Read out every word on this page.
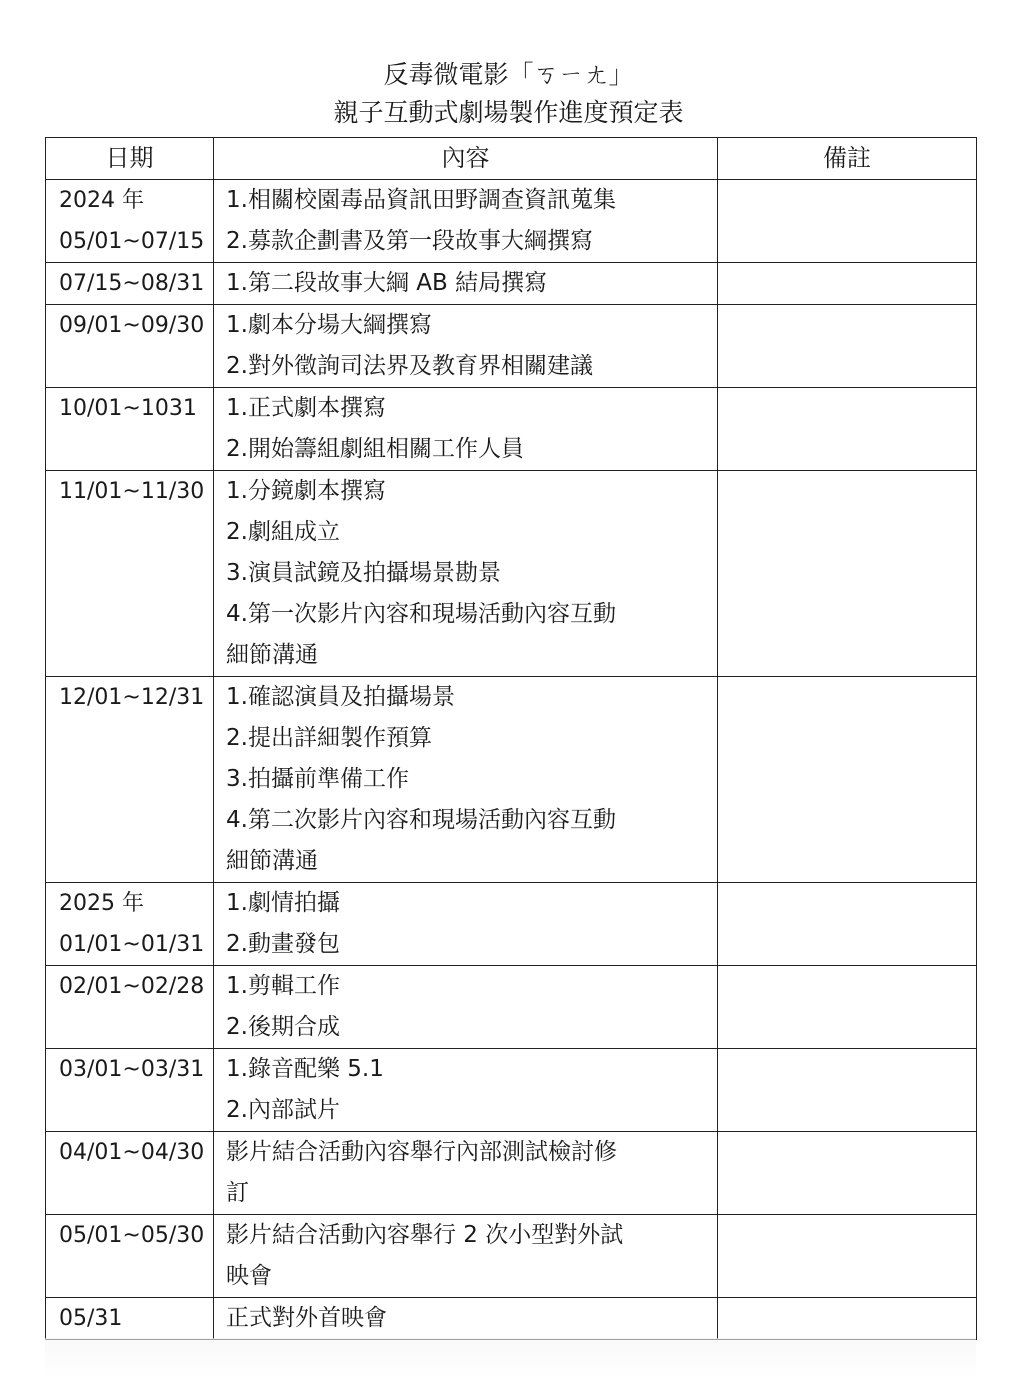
反毒微電影「ㄎㄧㄤ」
親子互動式劇場製作進度預定表
日期	內容	備註

2024 年
05/01~07/15	1.相關校園毒品資訊田野調查資訊蒐集
2.募款企劃書及第一段故事大綱撰寫	

07/15~08/31	1.第二段故事大綱 AB 結局撰寫	

09/01~09/30	1.劇本分場大綱撰寫
2.對外徵詢司法界及教育界相關建議	

10/01~1031	1.正式劇本撰寫
2.開始籌組劇組相關工作人員	

11/01~11/30	1.分鏡劇本撰寫
2.劇組成立
3.演員試鏡及拍攝場景勘景
4.第一次影片內容和現場活動內容互動
細節溝通	

12/01~12/31	1.確認演員及拍攝場景
2.提出詳細製作預算
3.拍攝前準備工作
4.第二次影片內容和現場活動內容互動
細節溝通	

2025 年
01/01~01/31	1.劇情拍攝
2.動畫發包	

02/01~02/28	1.剪輯工作
2.後期合成	

03/01~03/31	1.錄音配樂 5.1
2.內部試片	

04/01~04/30	影片結合活動內容舉行內部測試檢討修
訂	

05/01~05/30	影片結合活動內容舉行 2 次小型對外試
映會	

05/31	正式對外首映會	
